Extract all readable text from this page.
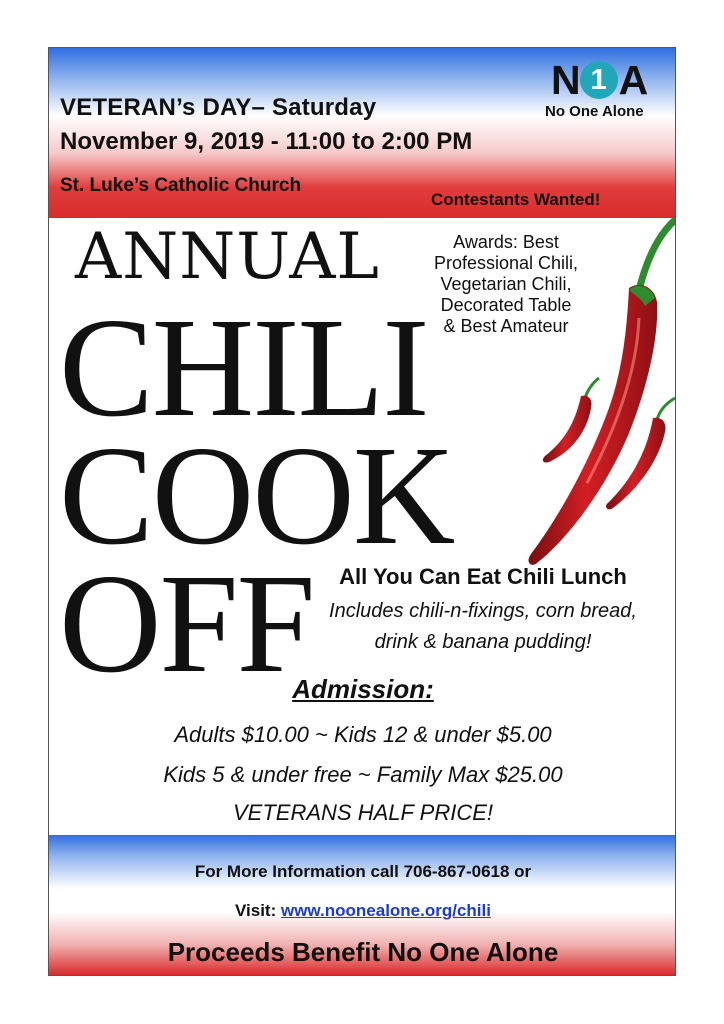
VETERAN’s DAY– Saturday
November 9, 2019 - 11:00 to 2:00 PM
St. Luke’s Catholic Church
Contestants Wanted!
N 1 A
No One Alone
ANNUAL
CHILI
COOK
OFF
Awards: Best
Professional Chili,
Vegetarian Chili,
Decorated Table
& Best Amateur
All You Can Eat Chili Lunch
Includes chili-n-fixings, corn bread,
drink & banana pudding!
Admission:
Adults $10.00 ~ Kids 12 & under $5.00
Kids 5 & under free ~ Family Max $25.00
VETERANS HALF PRICE!
For More Information call 706-867-0618 or
Visit: www.noonealone.org/chili
Proceeds Benefit No One Alone
